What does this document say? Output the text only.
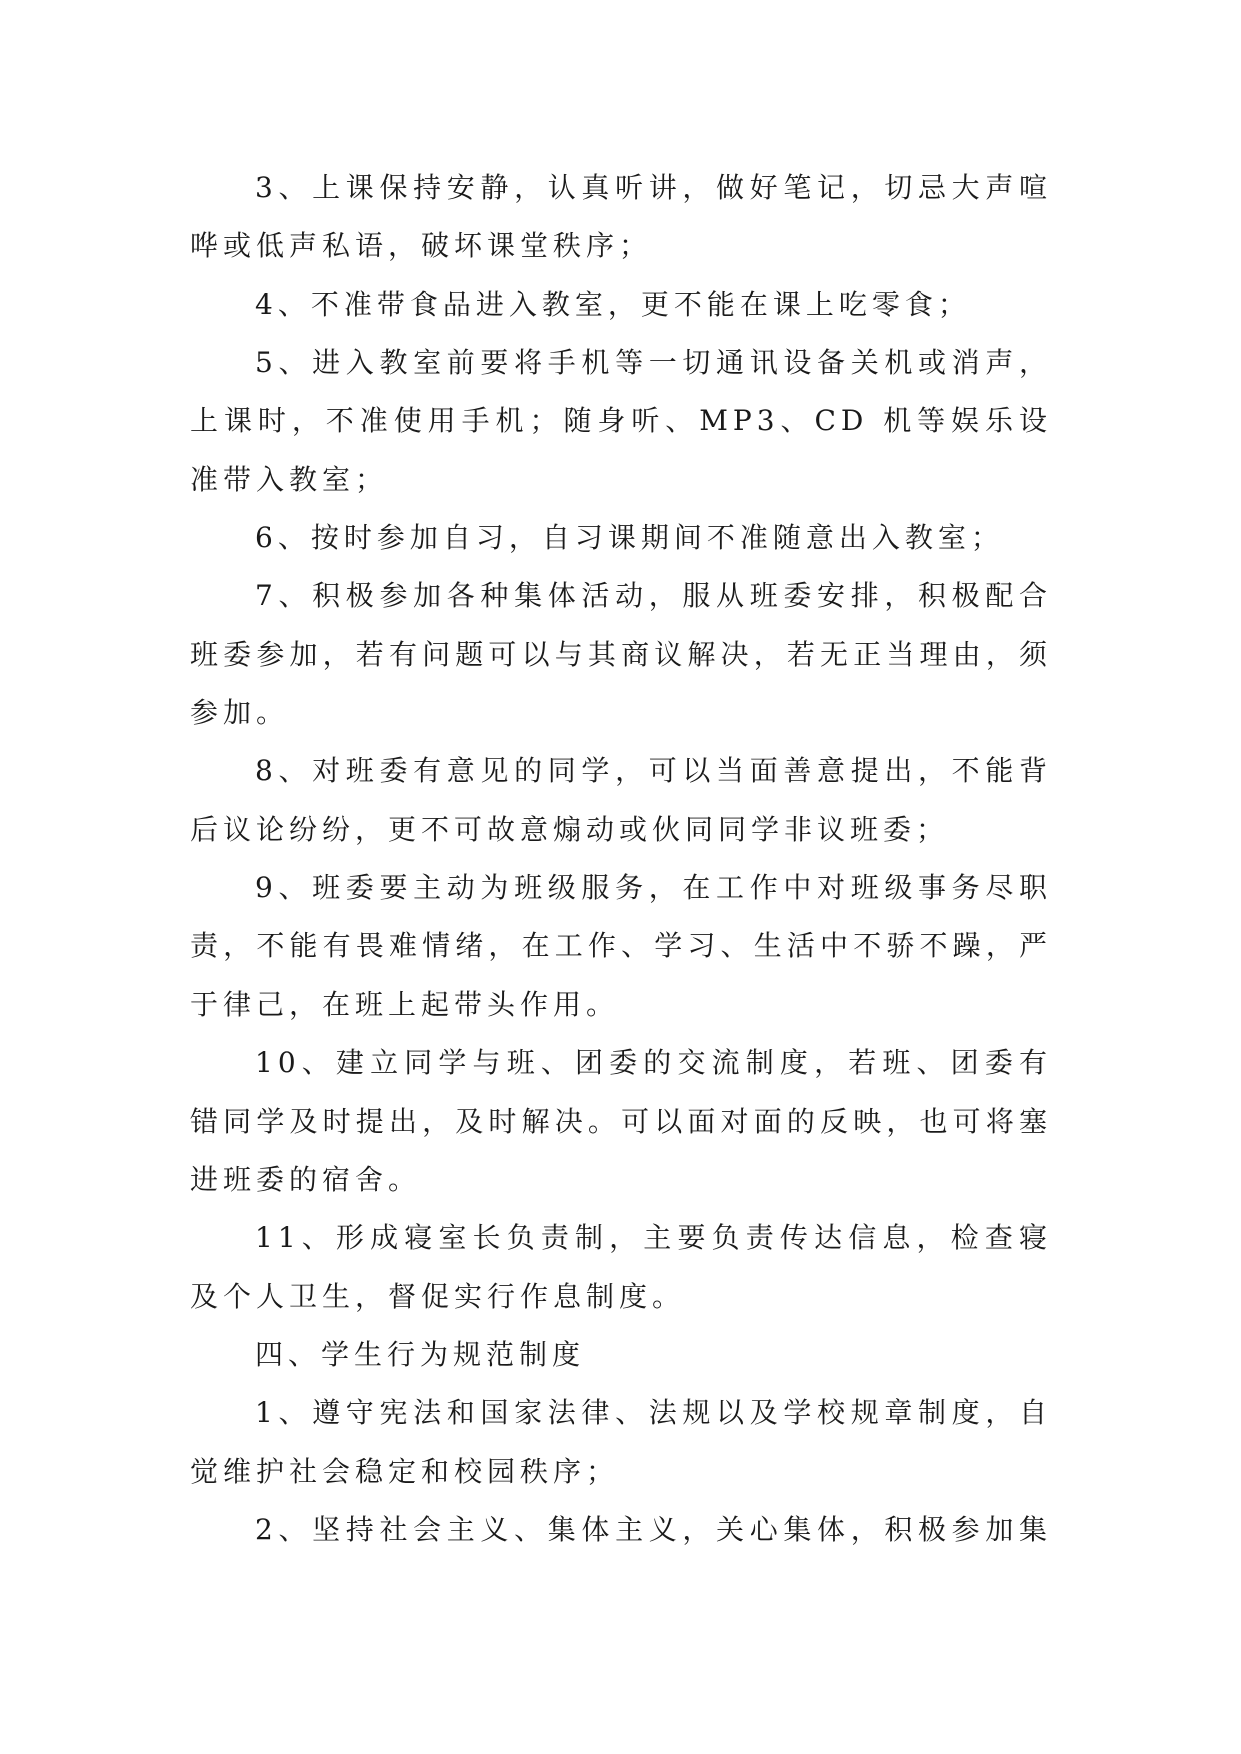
3、上课保持安静，认真听讲，做好笔记，切忌大声喧
哗或低声私语，破坏课堂秩序；
4、不准带食品进入教室，更不能在课上吃零食；
5、进入教室前要将手机等一切通讯设备关机或消声，
上课时，不准使用手机；随身听、MP3、CD 机等娱乐设
准带入教室；
6、按时参加自习，自习课期间不准随意出入教室；
7、积极参加各种集体活动，服从班委安排，积极配合
班委参加，若有问题可以与其商议解决，若无正当理由，须
参加。
8、对班委有意见的同学，可以当面善意提出，不能背
后议论纷纷，更不可故意煽动或伙同同学非议班委；
9、班委要主动为班级服务，在工作中对班级事务尽职
责，不能有畏难情绪，在工作、学习、生活中不骄不躁，严
于律己，在班上起带头作用。
10、建立同学与班、团委的交流制度，若班、团委有
错同学及时提出，及时解决。可以面对面的反映，也可将塞
进班委的宿舍。
11、形成寝室长负责制，主要负责传达信息，检查寝
及个人卫生，督促实行作息制度。
四、学生行为规范制度
1、遵守宪法和国家法律、法规以及学校规章制度，自
觉维护社会稳定和校园秩序；
2、坚持社会主义、集体主义，关心集体，积极参加集
